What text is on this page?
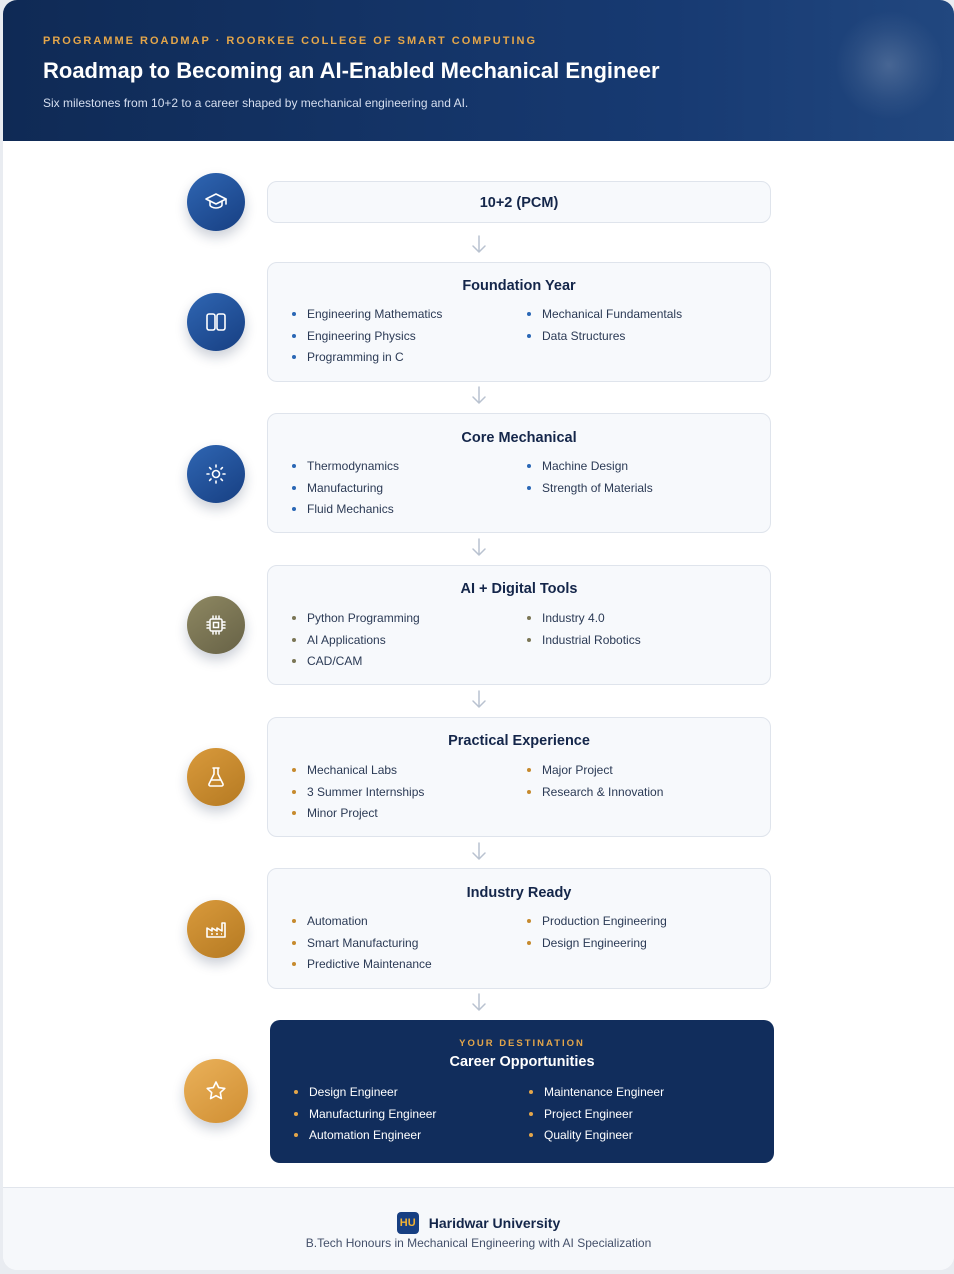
PROGRAMME ROADMAP · ROORKEE COLLEGE OF SMART COMPUTING
Roadmap to Becoming an AI-Enabled Mechanical Engineer
Six milestones from 10+2 to a career shaped by mechanical engineering and AI.
10+2 (PCM)
Foundation Year
Engineering Mathematics
Engineering Physics
Programming in C
Mechanical Fundamentals
Data Structures
Core Mechanical
Thermodynamics
Manufacturing
Fluid Mechanics
Machine Design
Strength of Materials
AI + Digital Tools
Python Programming
AI Applications
CAD/CAM
Industry 4.0
Industrial Robotics
Practical Experience
Mechanical Labs
3 Summer Internships
Minor Project
Major Project
Research & Innovation
Industry Ready
Automation
Smart Manufacturing
Predictive Maintenance
Production Engineering
Design Engineering
YOUR DESTINATION
Career Opportunities
Design Engineer
Manufacturing Engineer
Automation Engineer
Maintenance Engineer
Project Engineer
Quality Engineer
HU Haridwar University
B.Tech Honours in Mechanical Engineering with AI Specialization
